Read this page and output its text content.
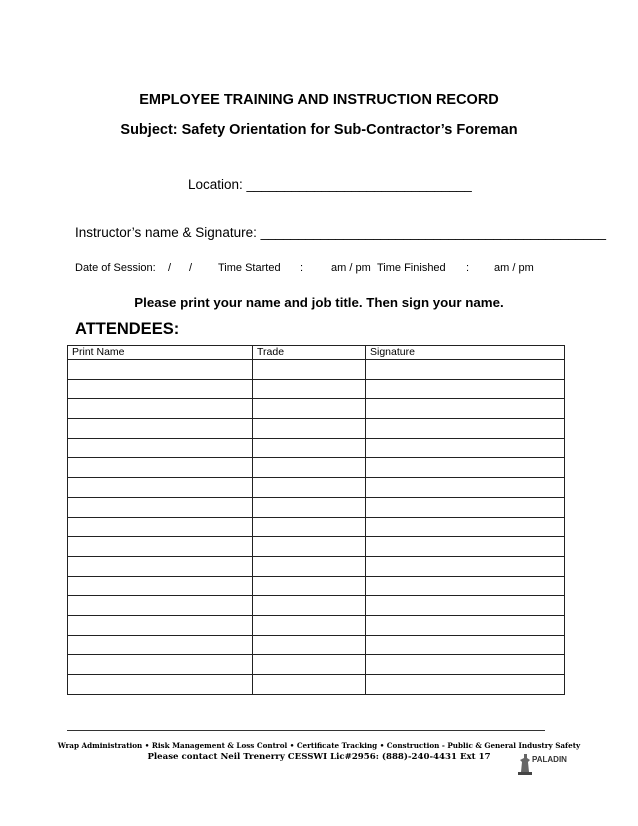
EMPLOYEE TRAINING AND INSTRUCTION RECORD
Subject: Safety Orientation for Sub-Contractor’s Foreman
Location: ______________________________
Instructor’s name & Signature: ______________________________________________
Date of Session: / / Time Started :	am / pm Time Finished : am / pm
Please print your name and job title. Then sign your name.
ATTENDEES:
Print Name	Trade	Signature

Wrap Administration • Risk Management & Loss Control • Certificate Tracking • Construction - Public & General Industry Safety
Please contact Neil Trenerry CESSWI Lic#2956: (888)-240-4431 Ext 17	PALADIN
